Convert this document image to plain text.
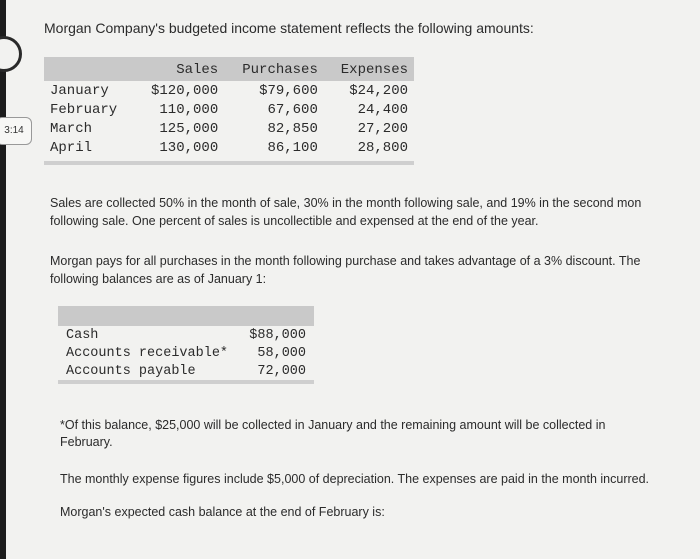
3:14
Morgan Company's budgeted income statement reflects the following amounts:
	Sales	Purchases	Expenses
January	$120,000	$79,600	$24,200
February	110,000	67,600	24,400
March	125,000	82,850	27,200
April	130,000	86,100	28,800

Sales are collected 50% in the month of sale, 30% in the month following sale, and 19% in the second mon
following sale. One percent of sales is uncollectible and expensed at the end of the year.
Morgan pays for all purchases in the month following purchase and takes advantage of a 3% discount. The
following balances are as of January 1:

Cash	$88,000
Accounts receivable*	58,000
Accounts payable	72,000

*Of this balance, $25,000 will be collected in January and the remaining amount will be collected in
February.
The monthly expense figures include $5,000 of depreciation. The expenses are paid in the month incurred.
Morgan's expected cash balance at the end of February is:
